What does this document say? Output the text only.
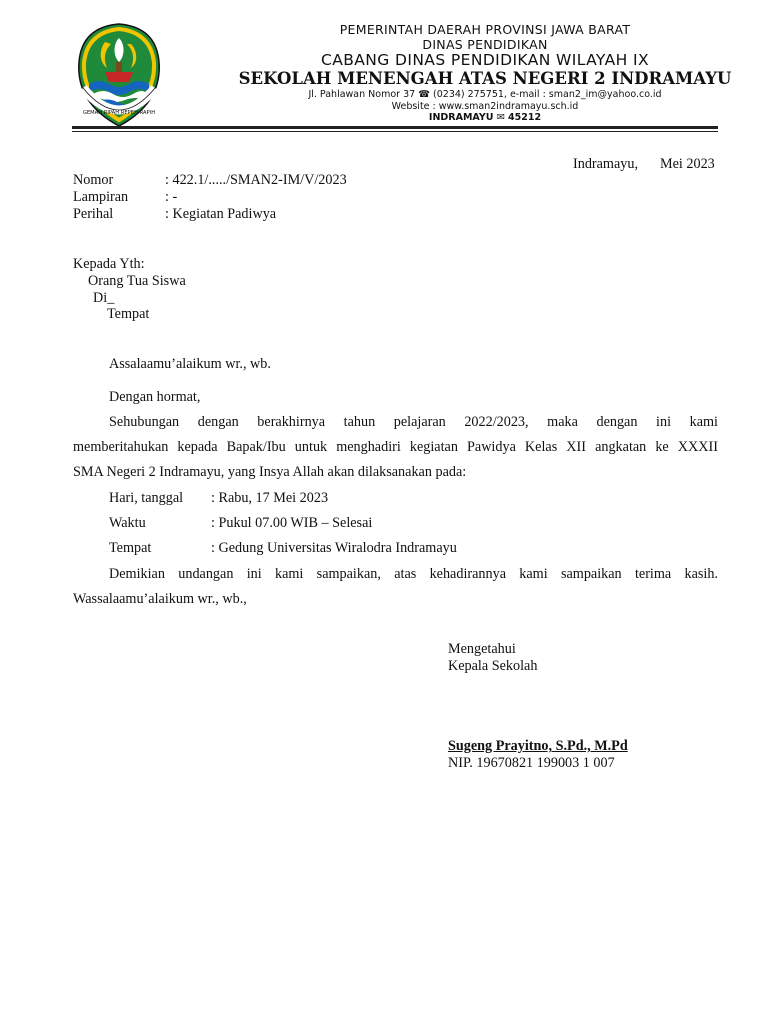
GEMAH RIPAH REPEH RAPIH
PEMERINTAH DAERAH PROVINSI JAWA BARAT
DINAS PENDIDIKAN
CABANG DINAS PENDIDIKAN WILAYAH IX
SEKOLAH MENENGAH ATAS NEGERI 2 INDRAMAYU
Jl. Pahlawan Nomor 37 ☎ (0234) 275751, e-mail : sman2_im@yahoo.co.id
Website : www.sman2indramayu.sch.id
INDRAMAYU ✉ 45212
Indramayu, Mei 2023
Nomor	: 422.1/...../SMAN2-IM/V/2023
Lampiran	: -
Perihal	: Kegiatan Padiwya
Kepada Yth:
Orang Tua Siswa
Di_
Tempat
Assalaamu’alaikum wr., wb.
Dengan hormat,
Sehubungan dengan berakhirnya tahun pelajaran 2022/2023, maka dengan ini kami
memberitahukan kepada Bapak/Ibu untuk menghadiri kegiatan Pawidya Kelas XII angkatan ke XXXII
SMA Negeri 2 Indramayu, yang Insya Allah akan dilaksanakan pada:
Hari, tanggal : Rabu, 17 Mei 2023
Waktu	: Pukul 07.00 WIB – Selesai
Tempat	: Gedung Universitas Wiralodra Indramayu
Demikian undangan ini kami sampaikan, atas kehadirannya kami sampaikan terima kasih.
Wassalaamu’alaikum wr., wb.,
Mengetahui
Kepala Sekolah
Sugeng Prayitno, S.Pd., M.Pd
NIP. 19670821 199003 1 007
